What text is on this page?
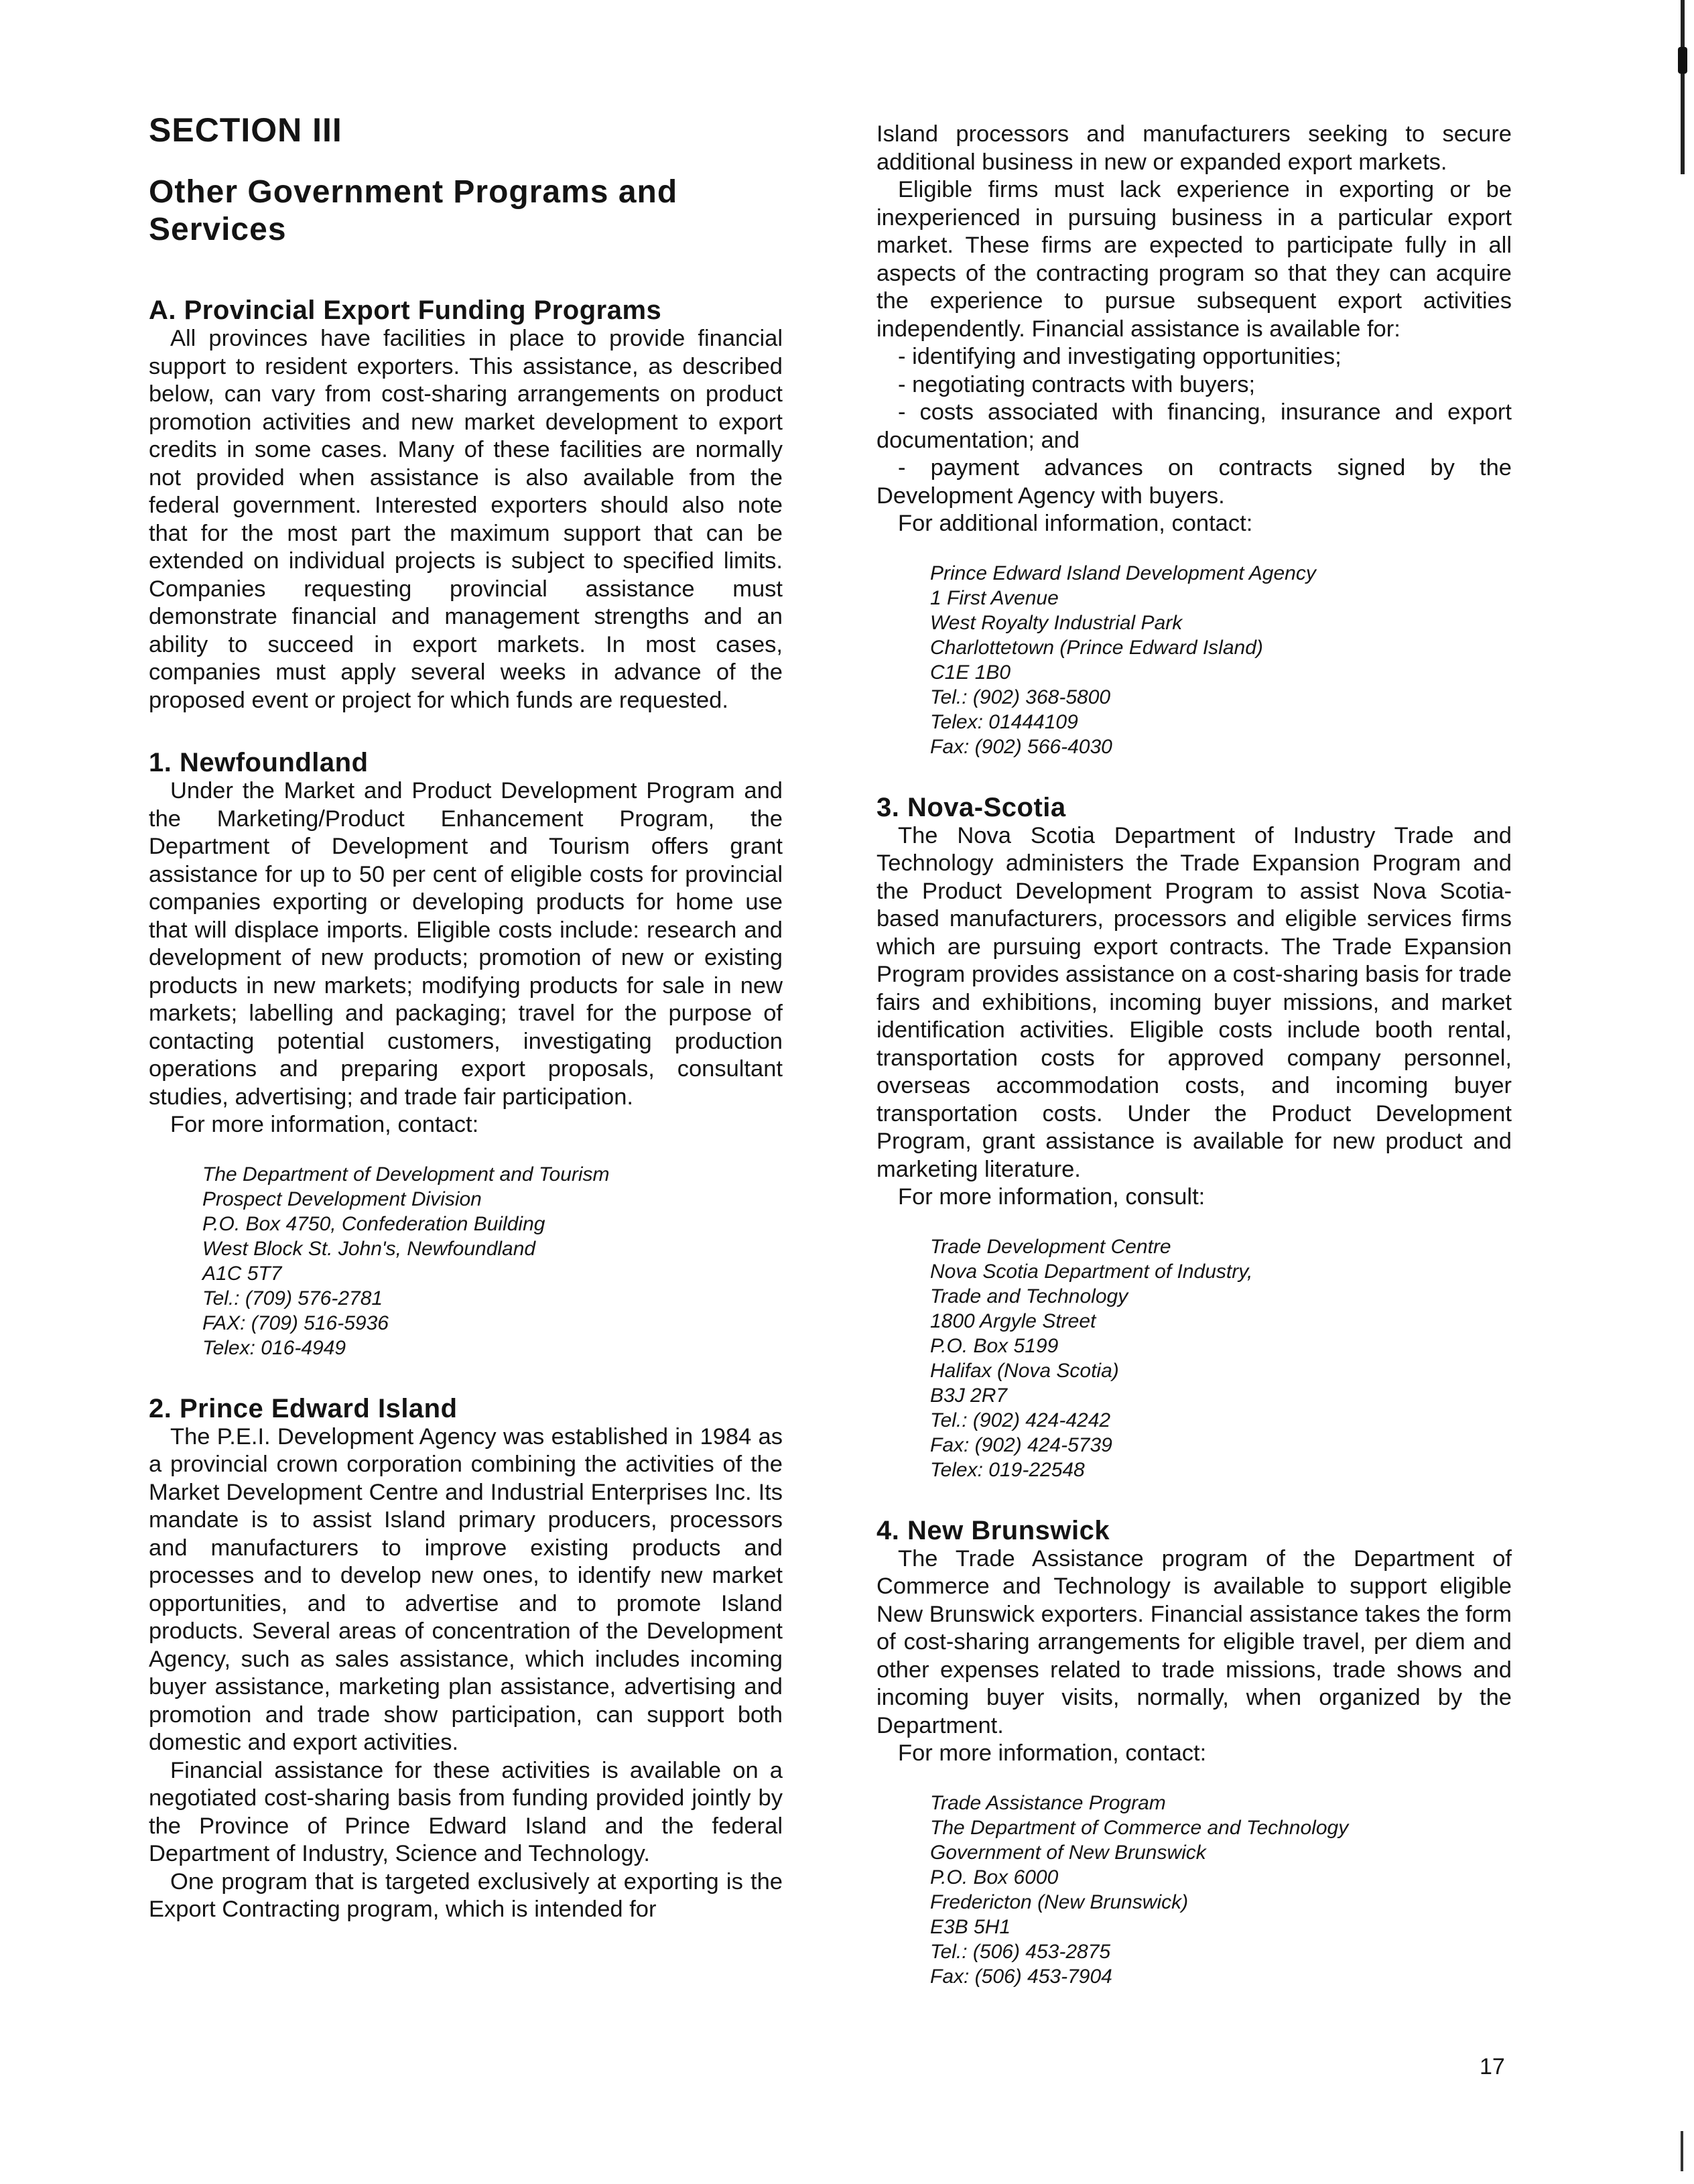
SECTION III
Other Government Programs and Services
A. Provincial Export Funding Programs

All provinces have facilities in place to provide financial support to resident exporters. This assistance, as described below, can vary from cost-sharing arrangements on product promotion activities and new market development to export credits in some cases. Many of these facilities are normally not provided when assistance is also available from the federal government. Interested exporters should also note that for the most part the maximum support that can be extended on individual projects is subject to specified limits. Companies requesting provincial assistance must demonstrate financial and management strengths and an ability to succeed in export markets. In most cases, companies must apply several weeks in advance of the proposed event or project for which funds are requested.

1. Newfoundland

Under the Market and Product Development Program and the Marketing/Product Enhancement Program, the Department of Development and Tourism offers grant assistance for up to 50 per cent of eligible costs for provincial companies exporting or developing products for home use that will displace imports. Eligible costs include: research and development of new products; promotion of new or existing products in new markets; modifying products for sale in new markets; labelling and packaging; travel for the purpose of contacting potential customers, investigating production operations and preparing export proposals, consultant studies, advertising; and trade fair participation.

For more information, contact:

The Department of Development and Tourism
Prospect Development Division
P.O. Box 4750, Confederation Building
West Block St. John's, Newfoundland
A1C 5T7
Tel.: (709) 576-2781
FAX: (709) 516-5936
Telex: 016-4949
2. Prince Edward Island

The P.E.I. Development Agency was established in 1984 as a provincial crown corporation combining the activities of the Market Development Centre and Industrial Enterprises Inc. Its mandate is to assist Island primary producers, processors and manufacturers to improve existing products and processes and to develop new ones, to identify new market opportunities, and to advertise and to promote Island products. Several areas of concentration of the Development Agency, such as sales assistance, which includes incoming buyer assistance, marketing plan assistance, advertising and promotion and trade show participation, can support both domestic and export activities.

Financial assistance for these activities is available on a negotiated cost-sharing basis from funding provided jointly by the Province of Prince Edward Island and the federal Department of Industry, Science and Technology.

One program that is targeted exclusively at exporting is the Export Contracting program, which is intended for

Island processors and manufacturers seeking to secure additional business in new or expanded export markets.

Eligible firms must lack experience in exporting or be inexperienced in pursuing business in a particular export market. These firms are expected to participate fully in all aspects of the contracting program so that they can acquire the experience to pursue subsequent export activities independently. Financial assistance is available for:

- identifying and investigating opportunities;

- negotiating contracts with buyers;

- costs associated with financing, insurance and export documentation; and

- payment advances on contracts signed by the Development Agency with buyers.

For additional information, contact:

Prince Edward Island Development Agency
1 First Avenue
West Royalty Industrial Park
Charlottetown (Prince Edward Island)
C1E 1B0
Tel.: (902) 368-5800
Telex: 01444109
Fax: (902) 566-4030
3. Nova-Scotia

The Nova Scotia Department of Industry Trade and Technology administers the Trade Expansion Program and the Product Development Program to assist Nova Scotia-based manufacturers, processors and eligible services firms which are pursuing export contracts. The Trade Expansion Program provides assistance on a cost-sharing basis for trade fairs and exhibitions, incoming buyer missions, and market identification activities. Eligible costs include booth rental, transportation costs for approved company personnel, overseas accommodation costs, and incoming buyer transportation costs. Under the Product Development Program, grant assistance is available for new product and marketing literature.

For more information, consult:

Trade Development Centre
Nova Scotia Department of Industry,
Trade and Technology
1800 Argyle Street
P.O. Box 5199
Halifax (Nova Scotia)
B3J 2R7
Tel.: (902) 424-4242
Fax: (902) 424-5739
Telex: 019-22548
4. New Brunswick

The Trade Assistance program of the Department of Commerce and Technology is available to support eligible New Brunswick exporters. Financial assistance takes the form of cost-sharing arrangements for eligible travel, per diem and other expenses related to trade missions, trade shows and incoming buyer visits, normally, when organized by the Department.

For more information, contact:

Trade Assistance Program
The Department of Commerce and Technology
Government of New Brunswick
P.O. Box 6000
Fredericton (New Brunswick)
E3B 5H1
Tel.: (506) 453-2875
Fax: (506) 453-7904
17
